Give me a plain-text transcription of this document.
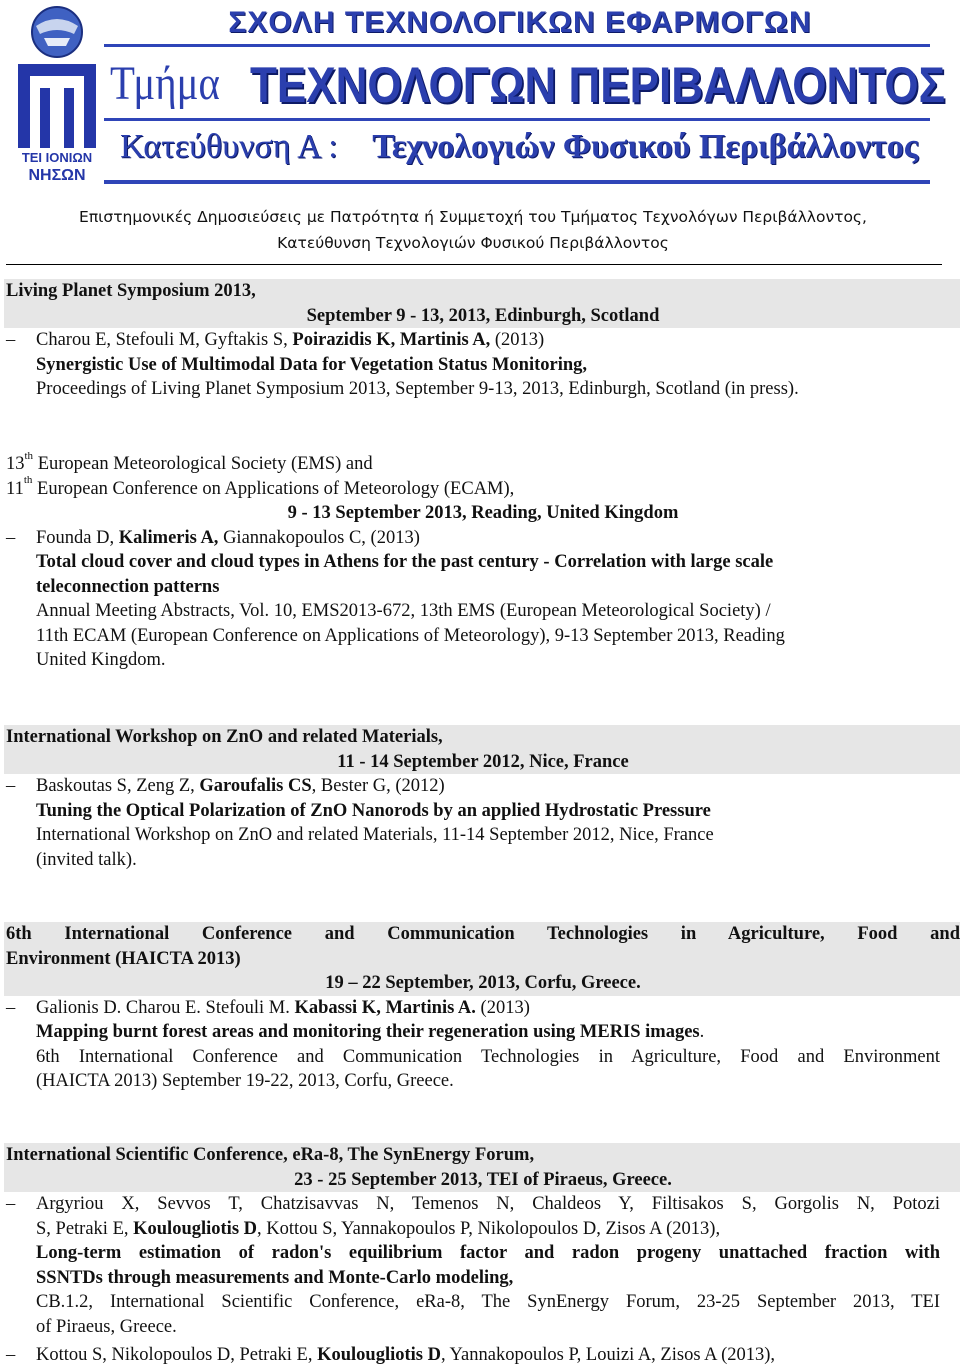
ΤΕΙ ΙΟΝΙΩΝ
ΝΗΣΩΝ
ΣΧΟΛΗ ΤΕΧΝΟΛΟΓΙΚΩΝ ΕΦΑΡΜΟΓΩΝ
Τμήμα ΤΕΧΝΟΛΟΓΩΝ ΠΕΡΙΒΑΛΛΟΝΤΟΣ
Κατεύθυνση Α : Τεχνολογιών Φυσικού Περιβάλλοντος
Επιστημονικές Δημοσιεύσεις με Πατρότητα ή Συμμετοχή του Τμήματος Τεχνολόγων Περιβάλλοντος,
Κατεύθυνση Τεχνολογιών Φυσικού Περιβάλλοντος
Living Planet Symposium 2013,
September 9 - 13, 2013, Edinburgh, Scotland
– Charou E, Stefouli M, Gyftakis S, Poirazidis K, Martinis A, (2013)
Synergistic Use of Multimodal Data for Vegetation Status Monitoring,
Proceedings of Living Planet Symposium 2013, September 9-13, 2013, Edinburgh, Scotland (in press).
13th European Meteorological Society (EMS) and
11th European Conference on Applications of Meteorology (ECAM),
9 - 13 September 2013, Reading, United Kingdom
– Founda D, Kalimeris A, Giannakopoulos C, (2013)
Total cloud cover and cloud types in Athens for the past century - Correlation with large scale
teleconnection patterns
Annual Meeting Abstracts, Vol. 10, EMS2013-672, 13th EMS (European Meteorological Society) /
11th ECAM (European Conference on Applications of Meteorology), 9-13 September 2013, Reading
United Kingdom.
International Workshop on ZnO and related Materials,
11 - 14 September 2012, Nice, France
– Baskoutas S, Zeng Z, Garoufalis CS, Bester G, (2012)
Tuning the Optical Polarization of ZnO Nanorods by an applied Hydrostatic Pressure
International Workshop on ZnO and related Materials, 11-14 September 2012, Nice, France
(invited talk).
6th International Conference and Communication Technologies in Agriculture, Food and
Environment (HAICTA 2013)
19 – 22 September, 2013, Corfu, Greece.
– Galionis D. Charou E. Stefouli M. Kabassi K, Martinis A. (2013)
Mapping burnt forest areas and monitoring their regeneration using MERIS images.
6th International Conference and Communication Technologies in Agriculture, Food and Environment
(HAICTA 2013) September 19-22, 2013, Corfu, Greece.
International Scientific Conference, eRa-8, The SynEnergy Forum,
23 - 25 September 2013, TEI of Piraeus, Greece.
– Argyriou X, Sevvos T, Chatzisavvas N, Temenos N, Chaldeos Y, Filtisakos S, Gorgolis N, Potozi
S, Petraki E, Koulougliotis D, Kottou S, Yannakopoulos P, Nikolopoulos D, Zisos A (2013),
Long-term estimation of radon's equilibrium factor and radon progeny unattached fraction with
SSNTDs through measurements and Monte-Carlo modeling,
CB.1.2, International Scientific Conference, eRa-8, The SynEnergy Forum, 23-25 September 2013, TEI
of Piraeus, Greece.
– Kottou S, Nikolopoulos D, Petraki E, Koulougliotis D, Yannakopoulos P, Louizi A, Zisos A (2013),
